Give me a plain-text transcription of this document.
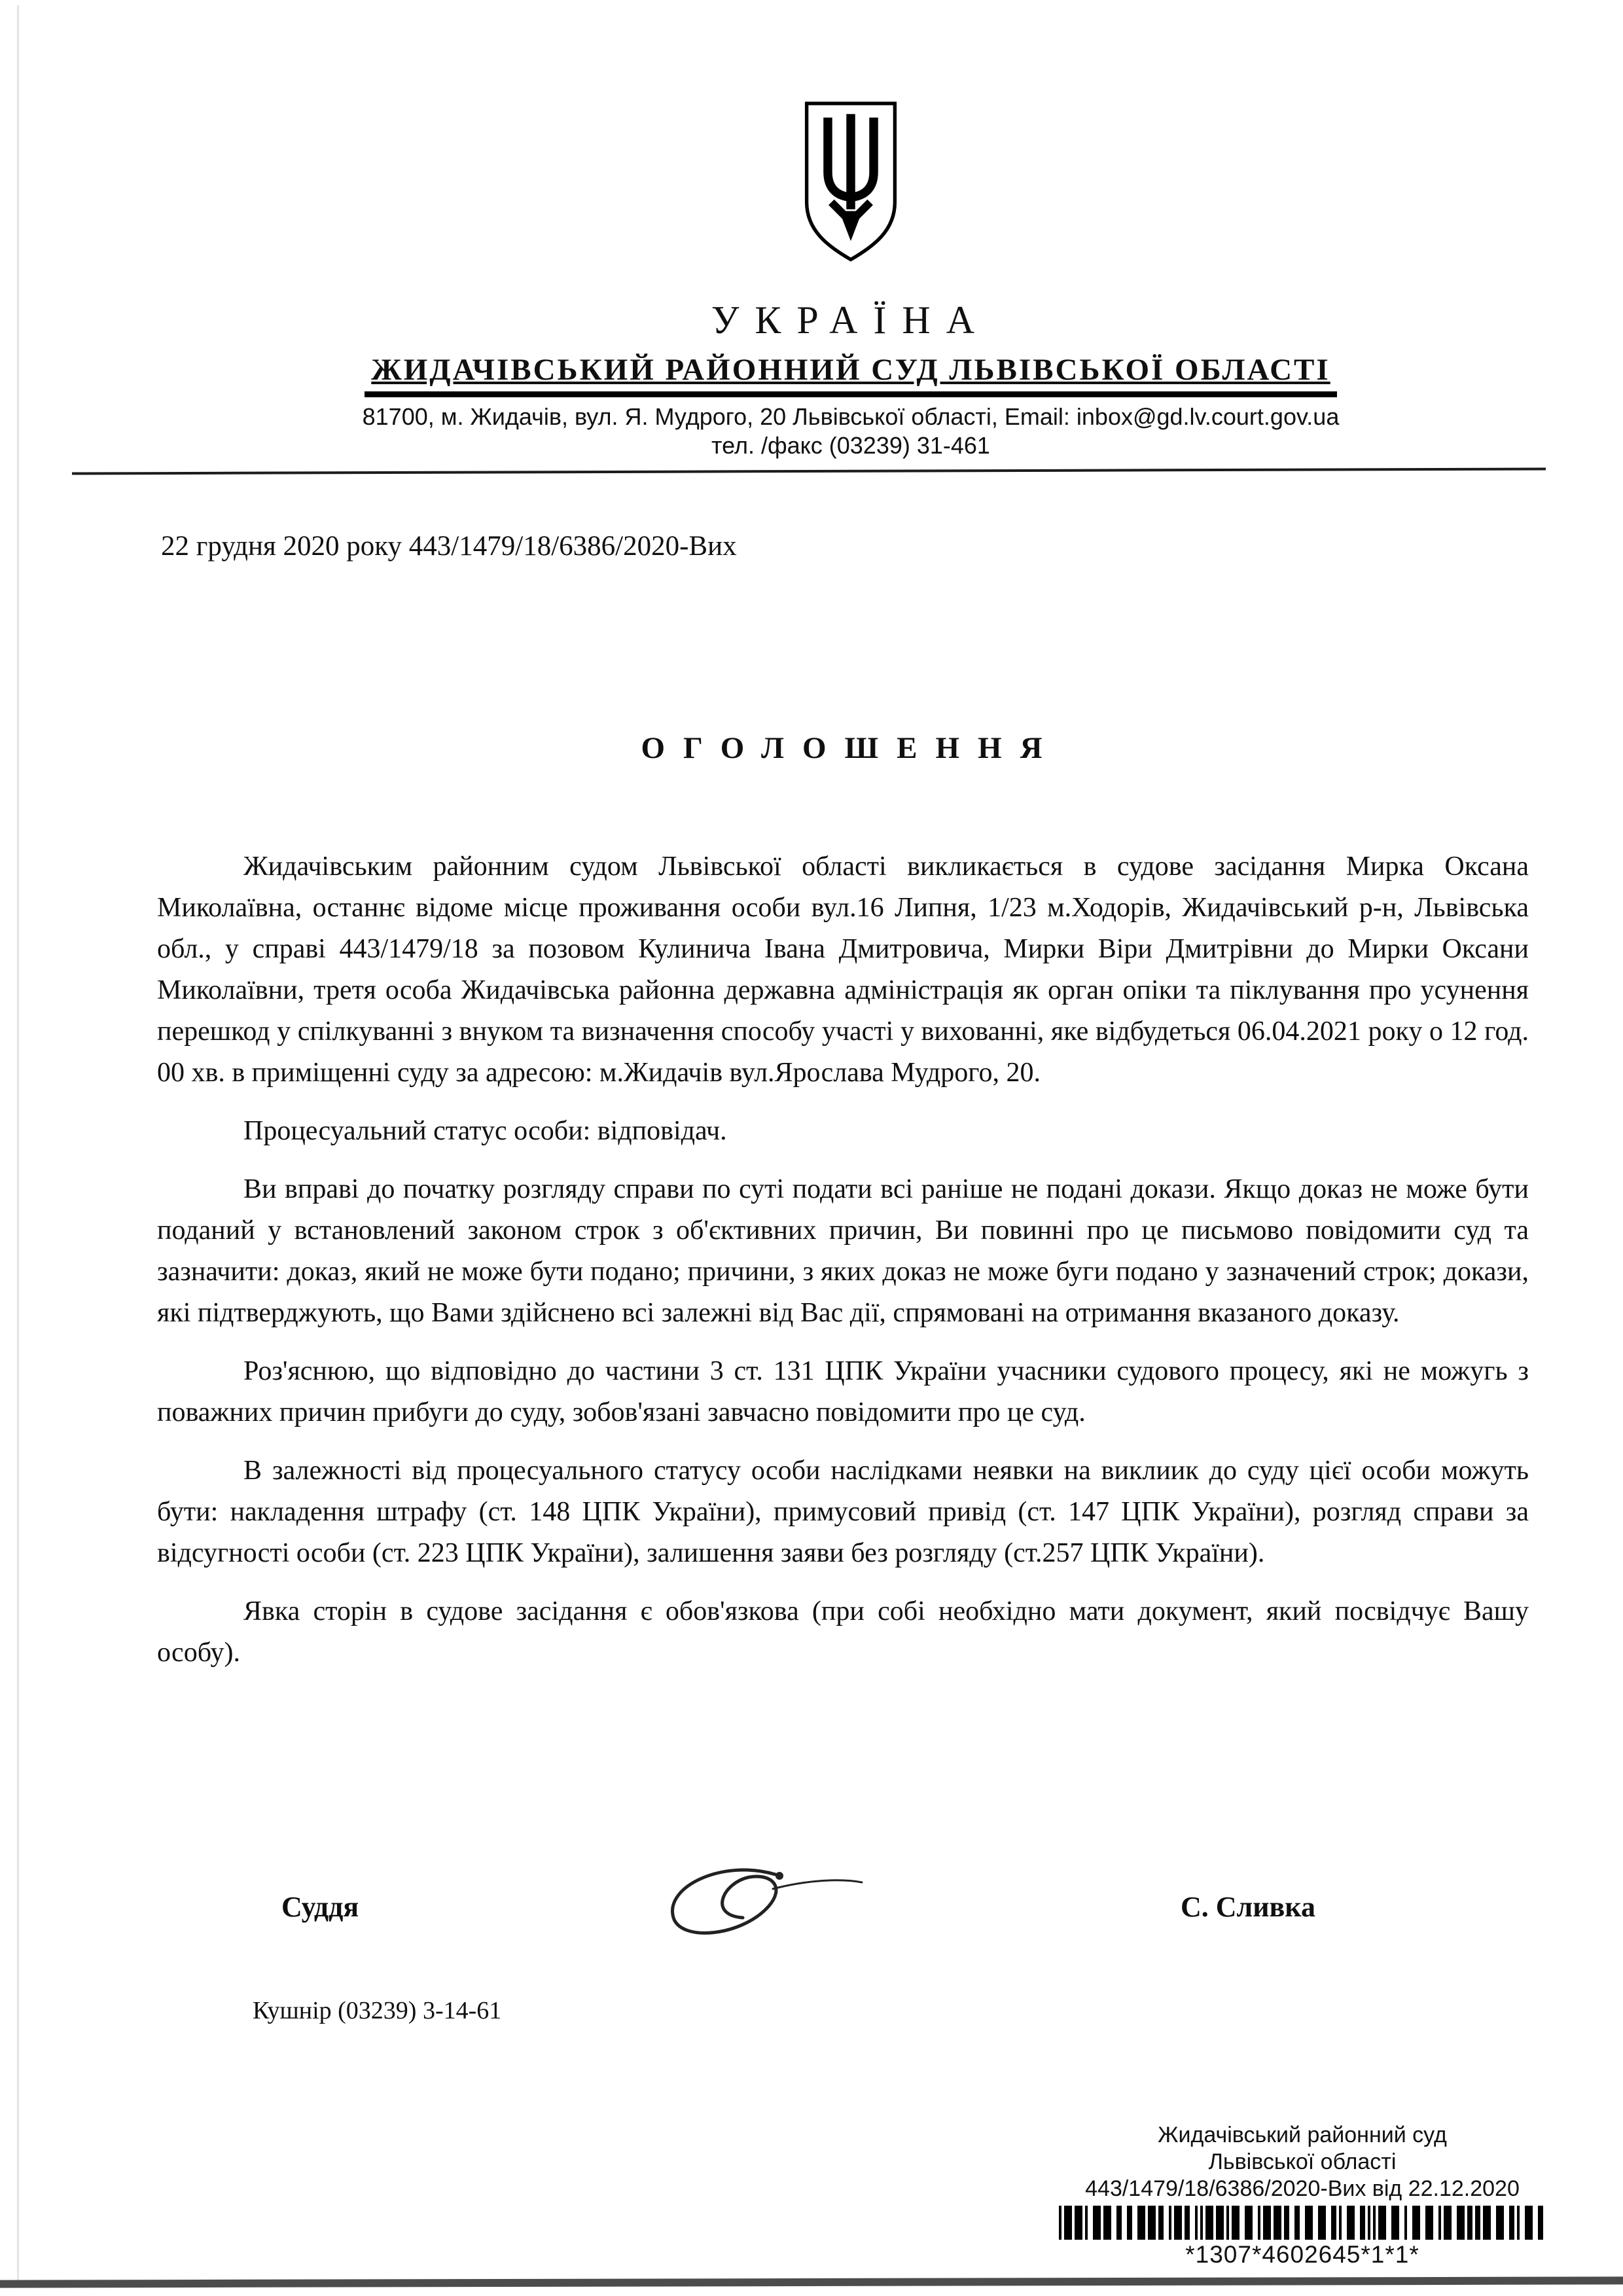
УКРАЇНА
ЖИДАЧІВСЬКИЙ РАЙОННИЙ СУД ЛЬВІВСЬКОЇ ОБЛАСТІ
81700, м. Жидачів, вул. Я. Мудрого, 20 Львівської області, Email: inbox@gd.lv.court.gov.ua
тел. /факс (03239) 31-461
22 грудня 2020 року 443/1479/18/6386/2020-Вих
ОГОЛОШЕННЯ

Жидачівським районним судом Львівської області викликається в судове засідання Мирка Оксана Миколаївна, останнє відоме місце проживання особи вул.16 Липня, 1/23 м.Ходорів, Жидачівський р-н, Львівська обл., у справі 443/1479/18 за позовом Кулинича Івана Дмитровича, Мирки Віри Дмитрівни до Мирки Оксани Миколаївни, третя особа Жидачівська районна державна адміністрація як орган опіки та піклування про усунення перешкод у спілкуванні з внуком та визначення способу участі у вихованні, яке відбудеться 06.04.2021 року о 12 год. 00 хв. в приміщенні суду за адресою: м.Жидачів вул.Ярослава Мудрого, 20.

Процесуальний статус особи: відповідач.

Ви вправі до початку розгляду справи по суті подати всі раніше не подані докази. Якщо доказ не може бути поданий у встановлений законом строк з об'єктивних причин, Ви повинні про це письмово повідомити суд та зазначити: доказ, який не може бути подано; причини, з яких доказ не може буги подано у зазначений строк; докази, які підтверджують, що Вами здійснено всі залежні від Вас дії, спрямовані на отримання вказаного доказу.

Роз'яснюю, що відповідно до частини 3 ст. 131 ЦПК України учасники судового процесу, які не можугь з поважних причин прибуги до суду, зобов'язані завчасно повідомити про це суд.

В залежності від процесуального статусу особи наслідками неявки на виклиик до суду цієї особи можуть бути: накладення штрафу (ст. 148 ЦПК України), примусовий привід (ст. 147 ЦПК України), розгляд справи за відсугності особи (ст. 223 ЦПК України), залишення заяви без розгляду (ст.257 ЦПК України).

Явка сторін в судове засідання є обов'язкова (при собі необхідно мати документ, який посвідчує Вашу особу).

Суддя	С. Сливка
Кушнір (03239) 3-14-61
Жидачівський районний суд
Львівської області
443/1479/18/6386/2020-Вих від 22.12.2020
*1307*4602645*1*1*
